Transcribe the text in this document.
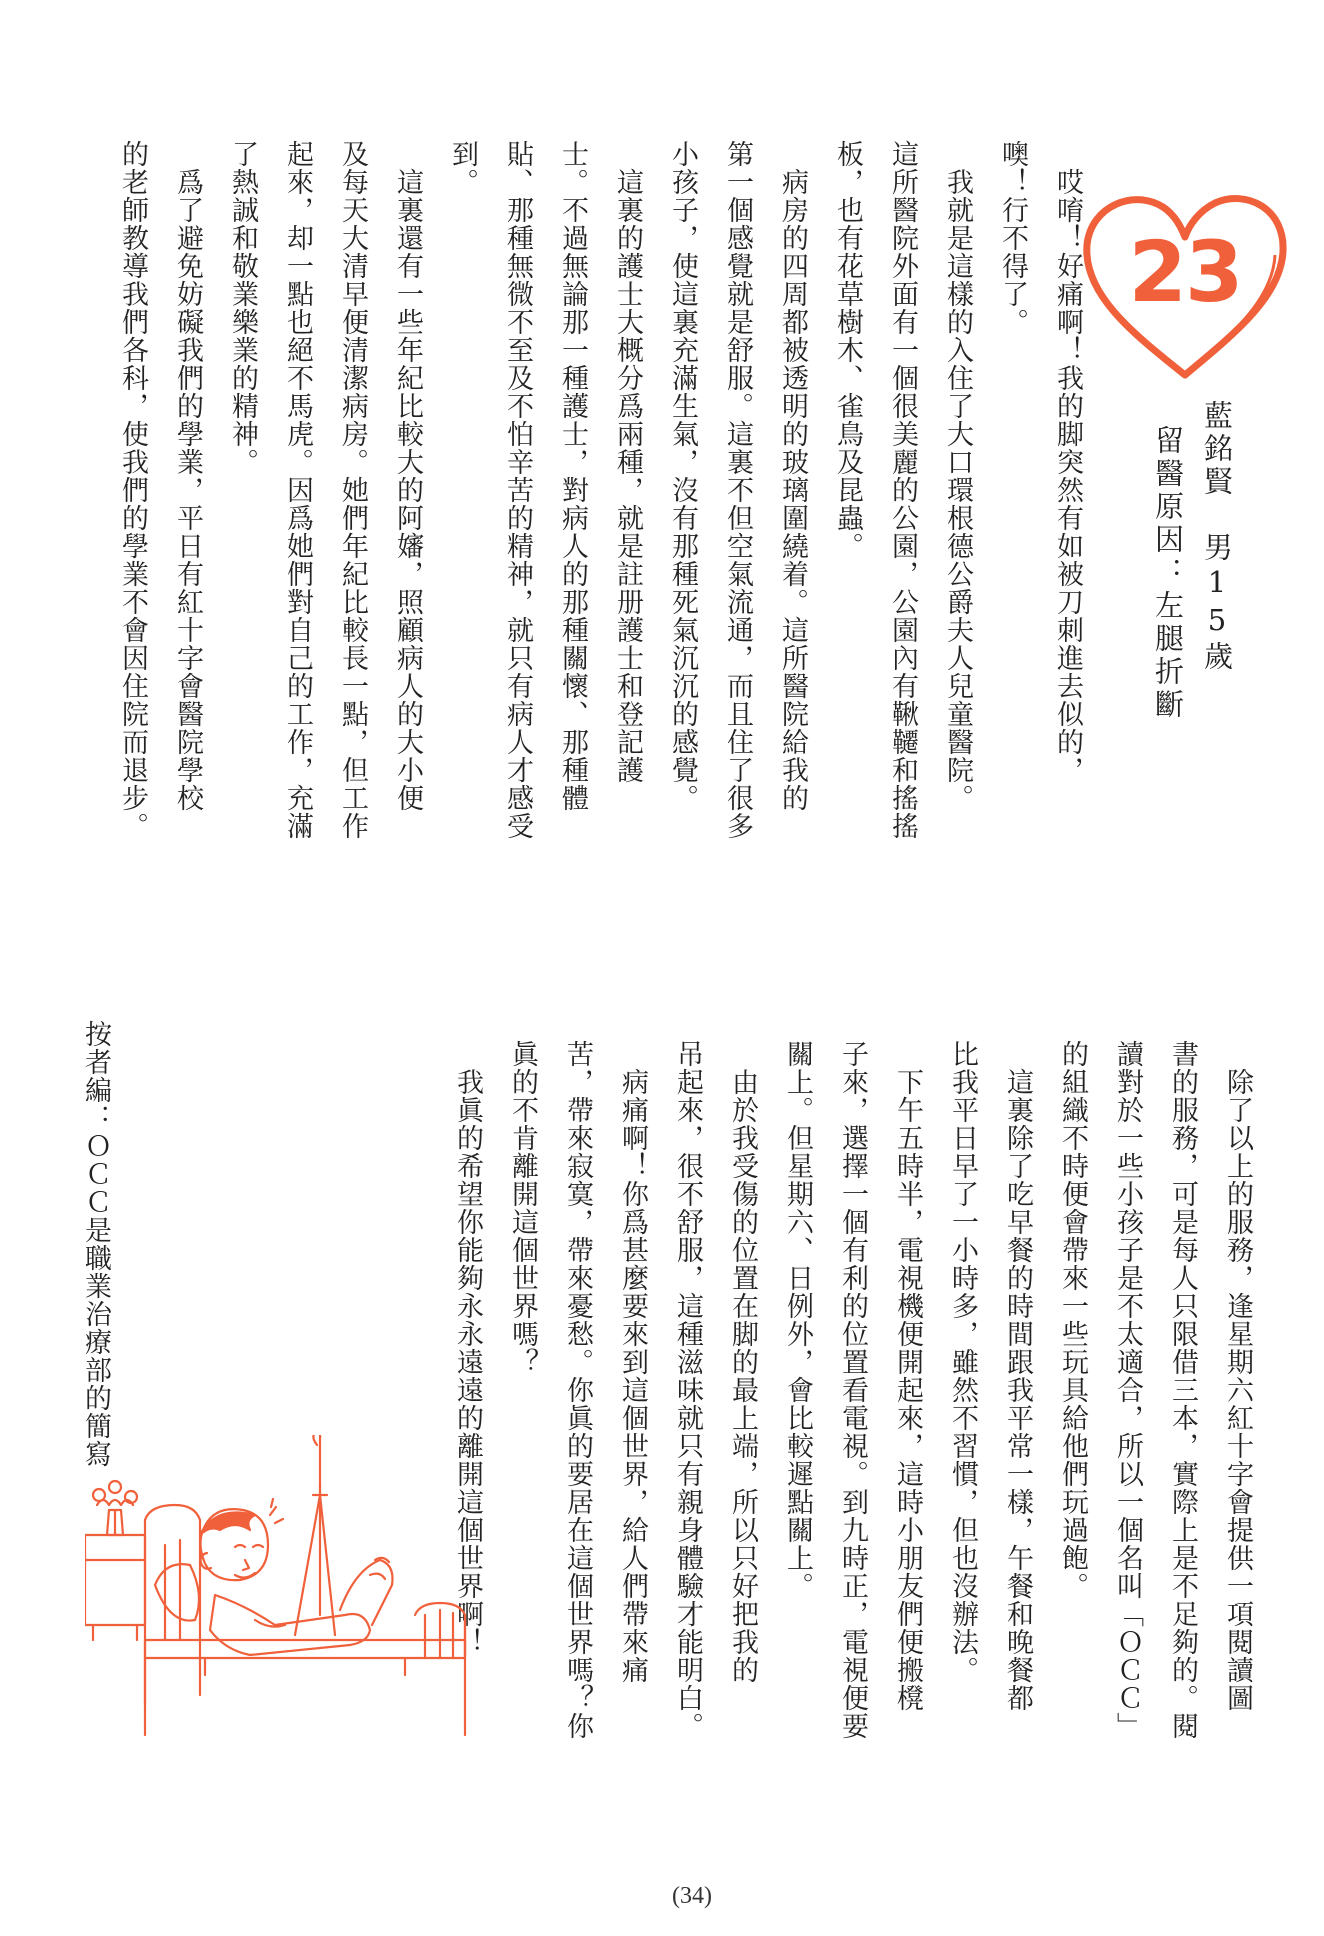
23
藍銘賢　男15歲
留醫原因：左腿折斷
　哎唷！好痛啊！我的脚突然有如被刀刺進去似的，
噢！行不得了。
　我就是這樣的入住了大口環根德公爵夫人兒童醫院。
這所醫院外面有一個很美麗的公園，公園內有鞦韆和搖搖
板，也有花草樹木、雀鳥及昆蟲。
　病房的四周都被透明的玻璃圍繞着。這所醫院給我的
第一個感覺就是舒服。這裏不但空氣流通，而且住了很多
小孩子，使這裏充滿生氣，沒有那種死氣沉沉的感覺。
　這裏的護士大概分爲兩種，就是註册護士和登記護
士。不過無論那一種護士，對病人的那種關懷、那種體
貼、那種無微不至及不怕辛苦的精神，就只有病人才感受
到。
　這裏還有一些年紀比較大的阿嬸，照顧病人的大小便
及每天大清早便清潔病房。她們年紀比較長一點，但工作
起來，却一點也絕不馬虎。因爲她們對自己的工作，充滿
了熱誠和敬業樂業的精神。
　爲了避免妨礙我們的學業，平日有紅十字會醫院學校
的老師教導我們各科，使我們的學業不會因住院而退步。
　除了以上的服務，逢星期六紅十字會提供一項閱讀圖
書的服務，可是每人只限借三本，實際上是不足夠的。閱
讀對於一些小孩子是不太適合，所以一個名叫「ＯＣＣ」
的組織不時便會帶來一些玩具給他們玩過飽。
　這裏除了吃早餐的時間跟我平常一樣，午餐和晚餐都
比我平日早了一小時多，雖然不習慣，但也沒辦法。
　下午五時半，電視機便開起來，這時小朋友們便搬櫈
子來，選擇一個有利的位置看電視。到九時正，電視便要
關上。但星期六、日例外，會比較遲點關上。
　由於我受傷的位置在脚的最上端，所以只好把我的
吊起來，很不舒服，這種滋味就只有親身體驗才能明白。
　病痛啊！你爲甚麼要來到這個世界，給人們帶來痛
苦，帶來寂寞，帶來憂愁。你眞的要居在這個世界嗎？你
眞的不肯離開這個世界嗎？
　我眞的希望你能夠永永遠遠的離開這個世界啊！
按者編：ＯＣＣ是職業治療部的簡寫
(34)
